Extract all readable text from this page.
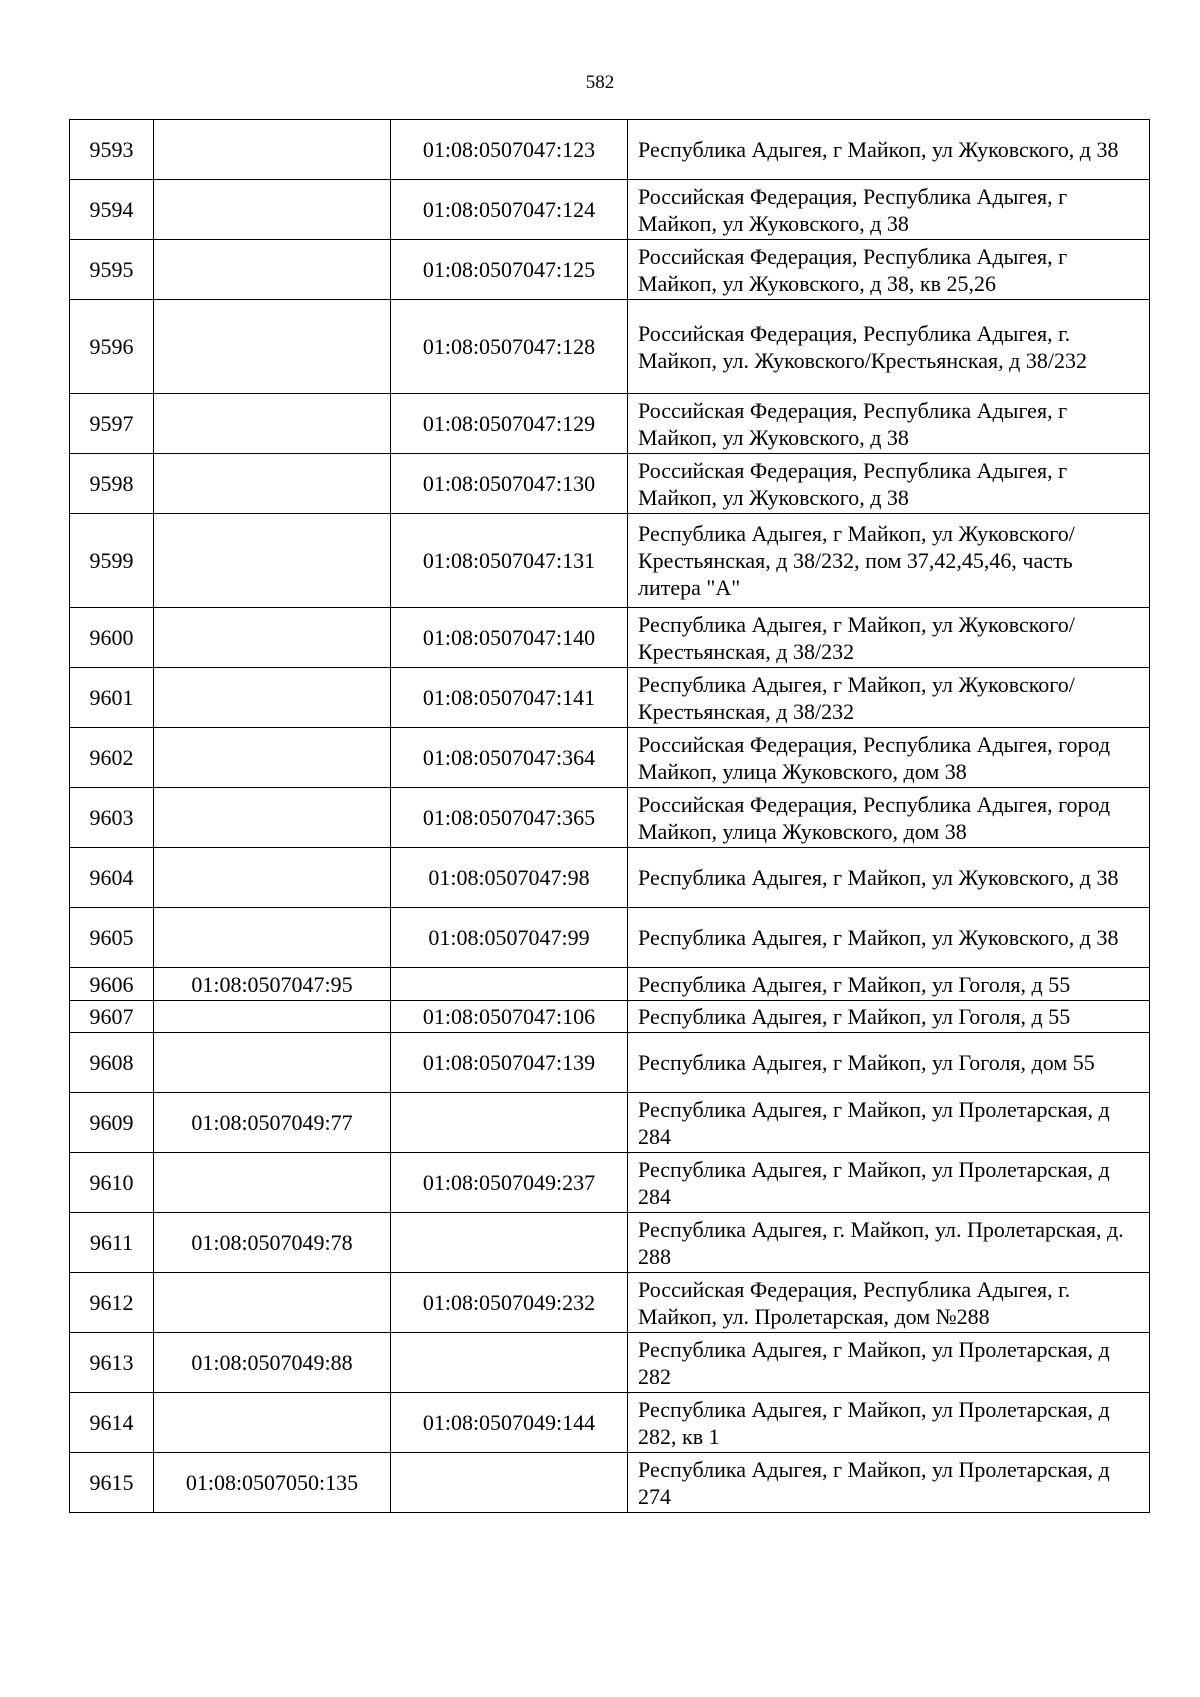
582
9593		01:08:0507047:123	Республика Адыгея, г Майкоп, ул Жуковского, д 38
9594		01:08:0507047:124	Российская Федерация, Республика Адыгея, г Майкоп, ул Жуковского, д 38
9595		01:08:0507047:125	Российская Федерация, Республика Адыгея, г Майкоп, ул Жуковского, д 38, кв 25,26
9596		01:08:0507047:128	Российская Федерация, Республика Адыгея, г. Майкоп, ул. Жуковского/Крестьянская, д 38/232
9597		01:08:0507047:129	Российская Федерация, Республика Адыгея, г Майкоп, ул Жуковского, д 38
9598		01:08:0507047:130	Российская Федерация, Республика Адыгея, г Майкоп, ул Жуковского, д 38
9599		01:08:0507047:131	Республика Адыгея, г Майкоп, ул Жуковского/Крестьянская, д 38/232, пом 37,42,45,46, часть литера "А"
9600		01:08:0507047:140	Республика Адыгея, г Майкоп, ул Жуковского/Крестьянская, д 38/232
9601		01:08:0507047:141	Республика Адыгея, г Майкоп, ул Жуковского/Крестьянская, д 38/232
9602		01:08:0507047:364	Российская Федерация, Республика Адыгея, город Майкоп, улица Жуковского, дом 38
9603		01:08:0507047:365	Российская Федерация, Республика Адыгея, город Майкоп, улица Жуковского, дом 38
9604		01:08:0507047:98	Республика Адыгея, г Майкоп, ул Жуковского, д 38
9605		01:08:0507047:99	Республика Адыгея, г Майкоп, ул Жуковского, д 38
9606	01:08:0507047:95		Республика Адыгея, г Майкоп, ул Гоголя, д 55
9607		01:08:0507047:106	Республика Адыгея, г Майкоп, ул Гоголя, д 55
9608		01:08:0507047:139	Республика Адыгея, г Майкоп, ул Гоголя, дом 55
9609	01:08:0507049:77		Республика Адыгея, г Майкоп, ул Пролетарская, д 284
9610		01:08:0507049:237	Республика Адыгея, г Майкоп, ул Пролетарская, д 284
9611	01:08:0507049:78		Республика Адыгея, г. Майкоп, ул. Пролетарская, д. 288
9612		01:08:0507049:232	Российская Федерация, Республика Адыгея, г. Майкоп, ул. Пролетарская, дом №288
9613	01:08:0507049:88		Республика Адыгея, г Майкоп, ул Пролетарская, д 282
9614		01:08:0507049:144	Республика Адыгея, г Майкоп, ул Пролетарская, д 282, кв 1
9615	01:08:0507050:135		Республика Адыгея, г Майкоп, ул Пролетарская, д 274
